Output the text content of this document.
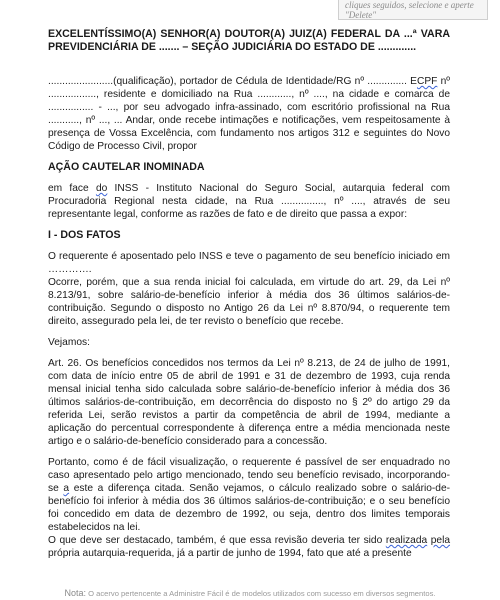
cliques seguidos, selecione e aperte "Delete"

EXCELENTÍSSIMO(A) SENHOR(A) DOUTOR(A) JUIZ(A) FEDERAL DA ...ª VARA PREVIDENCIÁRIA DE ....... – SEÇÃO JUDICIÁRIA DO ESTADO DE .............

.......................(qualificação), portador de Cédula de Identidade/RG nº .............. ECPF nº ................., residente e domiciliado na Rua ............, nº ...., na cidade e comarca de ................ - ..., por seu advogado infra-assinado, com escritório profissional na Rua ..........., nº ..., ... Andar, onde recebe intimações e notificações, vem respeitosamente à presença de Vossa Excelência, com fundamento nos artigos 312 e seguintes do Novo Código de Processo Civil, propor

AÇÃO CAUTELAR INOMINADA

em face do INSS - Instituto Nacional do Seguro Social, autarquia federal com Procuradoria Regional nesta cidade, na Rua ..............., nº ...., através de seu representante legal, conforme as razões de fato e de direito que passa a expor:

I - DOS FATOS

O requerente é aposentado pelo INSS e teve o pagamento de seu benefício iniciado em ………….

Ocorre, porém, que a sua renda inicial foi calculada, em virtude do art. 29, da Lei nº 8.213/91, sobre salário-de-benefício inferior à média dos 36 últimos salários-de-contribuição. Segundo o disposto no Antigo 26 da Lei nº 8.870/94, o requerente tem direito, assegurado pela lei, de ter revisto o benefício que recebe.

Vejamos:

Art. 26. Os benefícios concedidos nos termos da Lei nº 8.213, de 24 de julho de 1991, com data de início entre 05 de abril de 1991 e 31 de dezembro de 1993, cuja renda mensal inicial tenha sido calculada sobre salário-de-benefício inferior à média dos 36 últimos salários-de-contribuição, em decorrência do disposto no § 2º do artigo 29 da referida Lei, serão revistos a partir da competência de abril de 1994, mediante a aplicação do percentual correspondente à diferença entre a média mencionada neste artigo e o salário-de-benefício considerado para a concessão.

Portanto, como é de fácil visualização, o requerente é passível de ser enquadrado no caso apresentado pelo artigo mencionado, tendo seu benefício revisado, incorporando-se a este a diferença citada. Senão vejamos, o cálculo realizado sobre o salário-de-benefício foi inferior à média dos 36 últimos salários-de-contribuição; e o seu benefício foi concedido em data de dezembro de 1992, ou seja, dentro dos limites temporais estabelecidos na lei.

O que deve ser destacado, também, é que essa revisão deveria ter sido realizada pela própria autarquia-requerida, já a partir de junho de 1994, fato que até a presente

Nota: O acervo pertencente a Administre Fácil é de modelos utilizados com sucesso em diversos segmentos.
